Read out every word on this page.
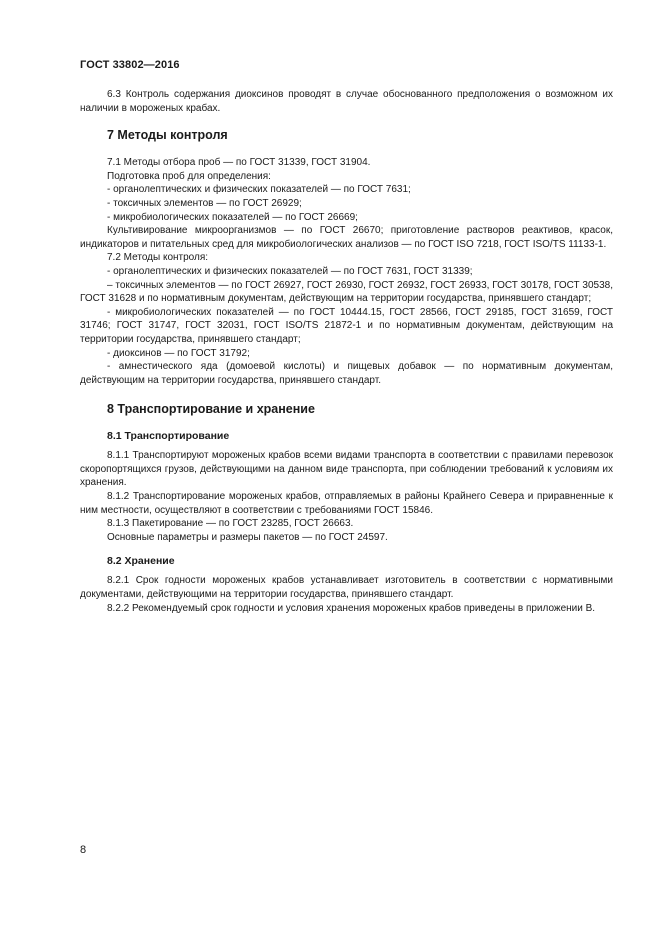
ГОСТ 33802—2016

6.3 Контроль содержания диоксинов проводят в случае обоснованного предположения о возможном их наличии в мороженых крабах.

7 Методы контроля

7.1 Методы отбора проб — по ГОСТ 31339, ГОСТ 31904.

Подготовка проб для определения:

- органолептических и физических показателей — по ГОСТ 7631;

- токсичных элементов — по ГОСТ 26929;

- микробиологических показателей — по ГОСТ 26669;

Культивирование микроорганизмов — по ГОСТ 26670; приготовление растворов реактивов, красок, индикаторов и питательных сред для микробиологических анализов — по ГОСТ ISO 7218, ГОСТ ISO/TS 11133-1.

7.2 Методы контроля:

- органолептических и физических показателей — по ГОСТ 7631, ГОСТ 31339;

– токсичных элементов — по ГОСТ 26927, ГОСТ 26930, ГОСТ 26932, ГОСТ 26933, ГОСТ 30178, ГОСТ 30538, ГОСТ 31628 и по нормативным документам, действующим на территории государства, принявшего стандарт;

- микробиологических показателей — по ГОСТ 10444.15, ГОСТ 28566, ГОСТ 29185, ГОСТ 31659, ГОСТ 31746; ГОСТ 31747, ГОСТ 32031, ГОСТ ISO/TS 21872-1 и по нормативным документам, действующим на территории государства, принявшего стандарт;

- диоксинов — по ГОСТ 31792;

- амнестического яда (домоевой кислоты) и пищевых добавок — по нормативным документам, действующим на территории государства, принявшего стандарт.

8 Транспортирование и хранение
8.1 Транспортирование

8.1.1 Транспортируют мороженых крабов всеми видами транспорта в соответствии с правилами перевозок скоропортящихся грузов, действующими на данном виде транспорта, при соблюдении требований к условиям их хранения.

8.1.2 Транспортирование мороженых крабов, отправляемых в районы Крайнего Севера и приравненные к ним местности, осуществляют в соответствии с требованиями ГОСТ 15846.

8.1.3 Пакетирование — по ГОСТ 23285, ГОСТ 26663.

Основные параметры и размеры пакетов — по ГОСТ 24597.

8.2 Хранение

8.2.1 Срок годности мороженых крабов устанавливает изготовитель в соответствии с нормативными документами, действующими на территории государства, принявшего стандарт.

8.2.2 Рекомендуемый срок годности и условия хранения мороженых крабов приведены в приложении В.

8
